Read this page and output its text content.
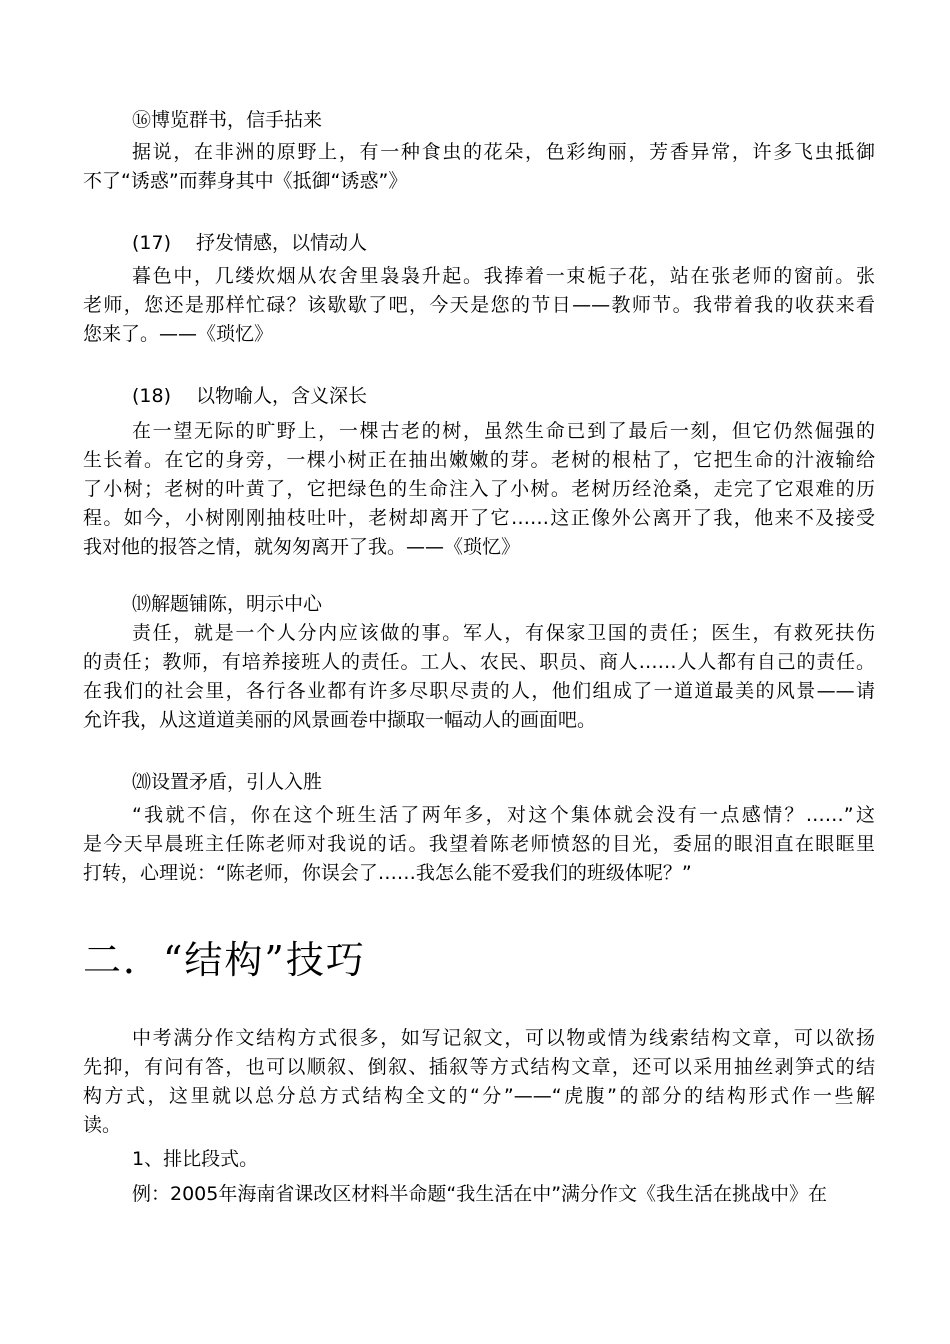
⑯博览群书，信手拈来
据说，在非洲的原野上，有一种食虫的花朵，色彩绚丽，芳香异常，许多飞虫抵御
不了“诱惑”而葬身其中《抵御“诱惑”》
(17)　 抒发情感，以情动人
暮色中，几缕炊烟从农舍里袅袅升起。我捧着一束栀子花，站在张老师的窗前。张
老师，您还是那样忙碌？该歇歇了吧，今天是您的节日——教师节。我带着我的收获来看
您来了。——《琐忆》
(18)　 以物喻人，含义深长
在一望无际的旷野上，一棵古老的树，虽然生命已到了最后一刻，但它仍然倔强的
生长着。在它的身旁，一棵小树正在抽出嫩嫩的芽。老树的根枯了，它把生命的汁液输给
了小树；老树的叶黄了，它把绿色的生命注入了小树。老树历经沧桑，走完了它艰难的历
程。如今，小树刚刚抽枝吐叶，老树却离开了它……这正像外公离开了我，他来不及接受
我对他的报答之情，就匆匆离开了我。——《琐忆》
⒆解题铺陈，明示中心
责任，就是一个人分内应该做的事。军人，有保家卫国的责任；医生，有救死扶伤
的责任；教师，有培养接班人的责任。工人、农民、职员、商人……人人都有自己的责任。
在我们的社会里，各行各业都有许多尽职尽责的人，他们组成了一道道最美的风景——请
允许我，从这道道美丽的风景画卷中撷取一幅动人的画面吧。
⒇设置矛盾，引人入胜
“我就不信，你在这个班生活了两年多，对这个集体就会没有一点感情？……”这
是今天早晨班主任陈老师对我说的话。我望着陈老师愤怒的目光，委屈的眼泪直在眼眶里
打转，心理说：“陈老师，你误会了……我怎么能不爱我们的班级体呢？”
二．“结构”技巧
中考满分作文结构方式很多，如写记叙文，可以物或情为线索结构文章，可以欲扬
先抑，有问有答，也可以顺叙、倒叙、插叙等方式结构文章，还可以采用抽丝剥笋式的结
构方式，这里就以总分总方式结构全文的“分”——“虎腹”的部分的结构形式作一些解
读。
1、排比段式。
例：2005年海南省课改区材料半命题“我生活在中”满分作文《我生活在挑战中》在
